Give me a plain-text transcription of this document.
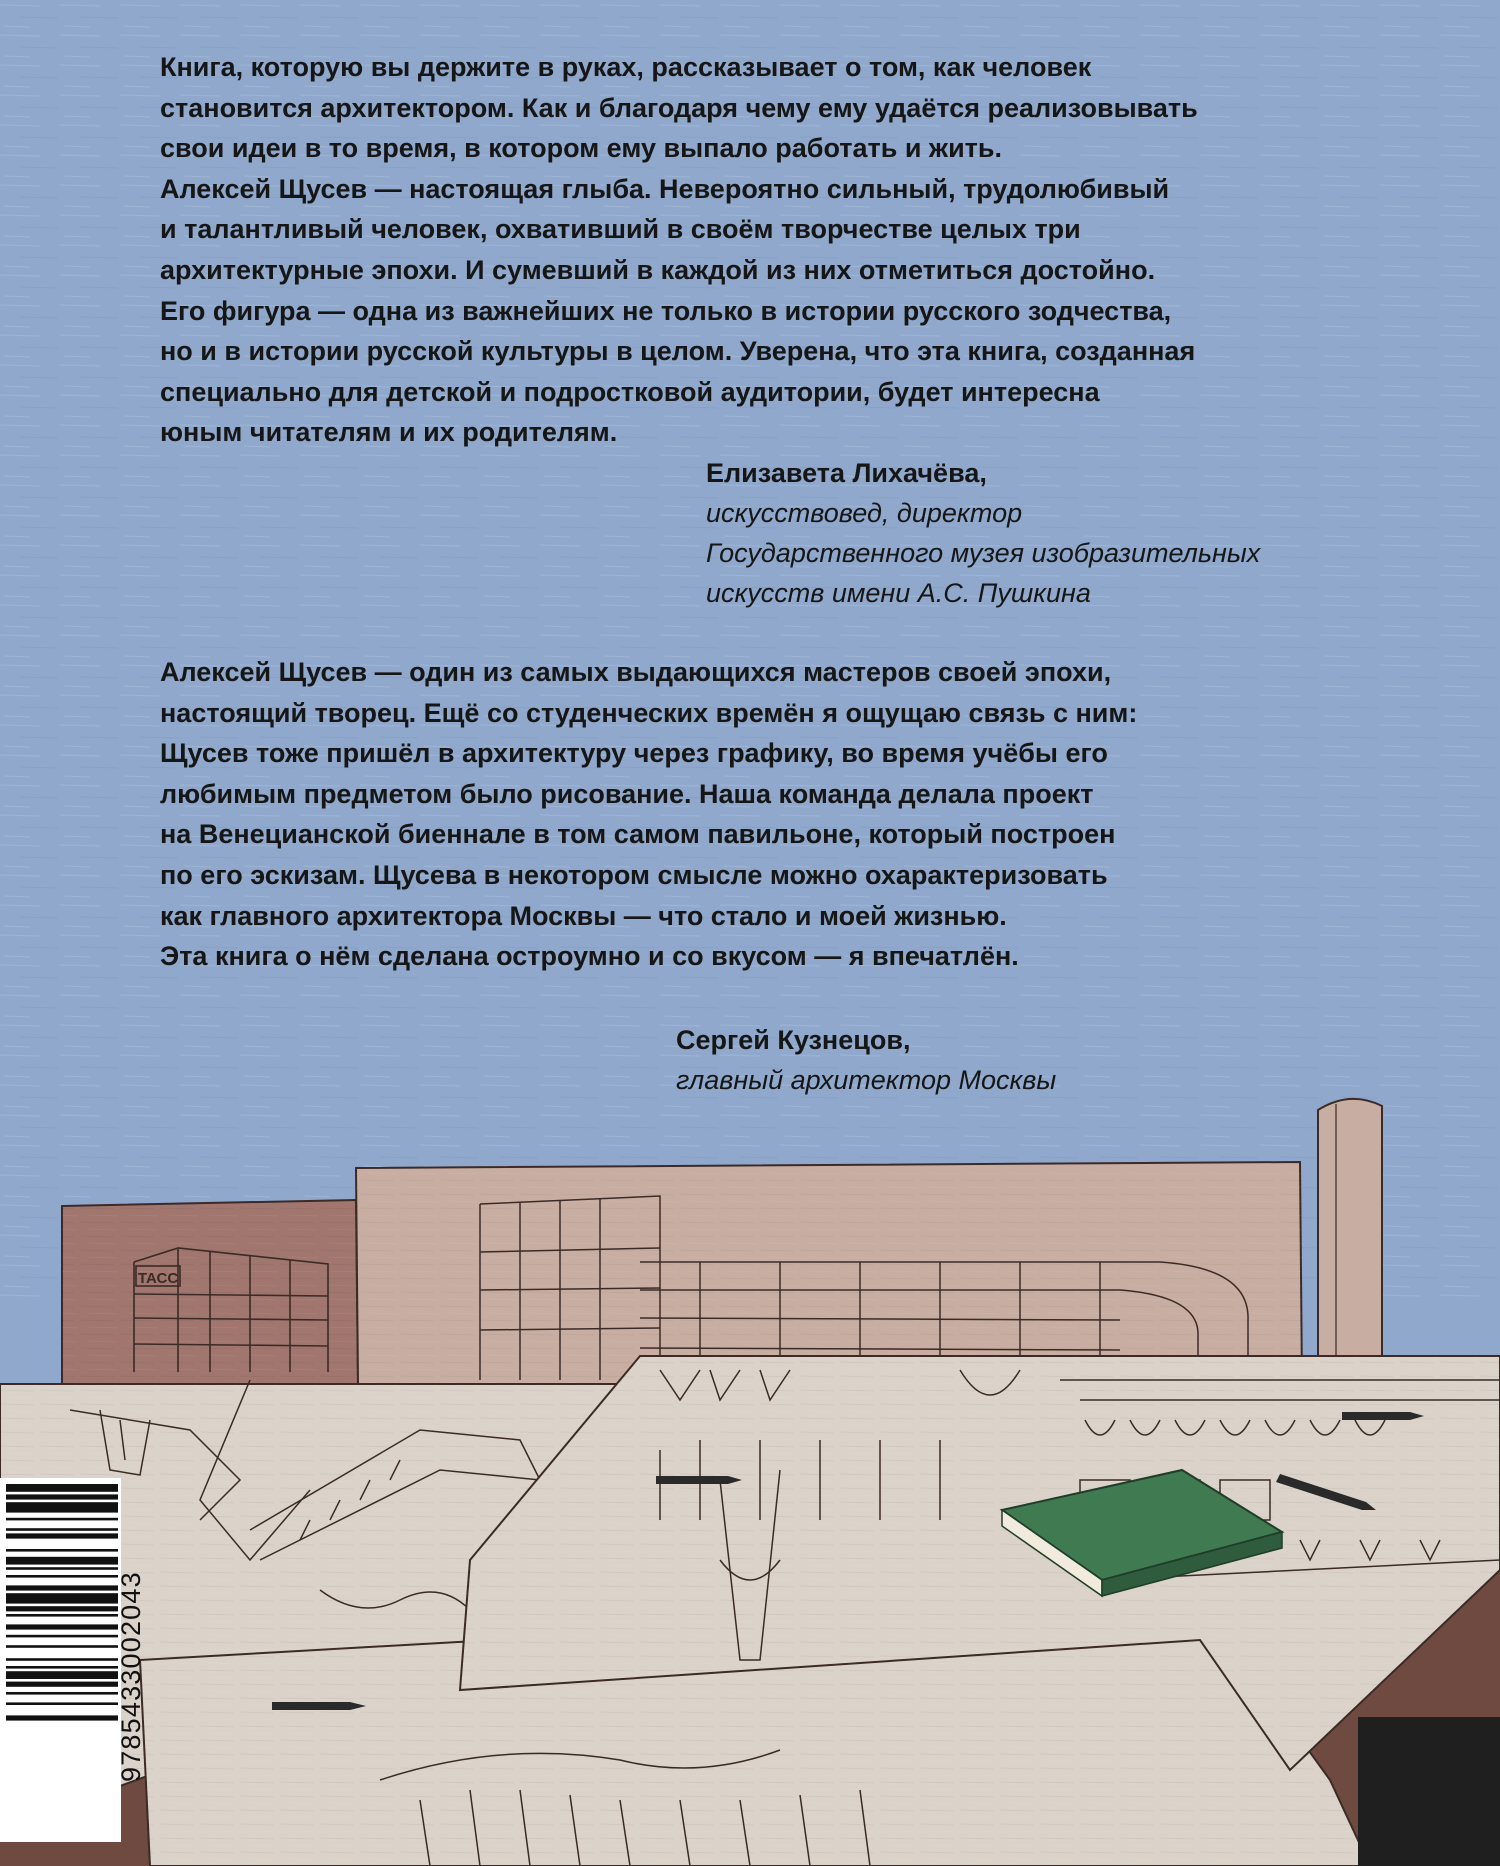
ТАСС

Книга, которую вы держите в руках, рассказывает о том, как человек
становится архитектором. Как и благодаря чему ему удаётся реализовывать
свои идеи в то время, в котором ему выпало работать и жить.
Алексей Щусев — настоящая глыба. Невероятно сильный, трудолюбивый
и талантливый человек, охвативший в своём творчестве целых три
архитектурные эпохи. И сумевший в каждой из них отметиться достойно.
Его фигура — одна из важнейших не только в истории русского зодчества,
но и в истории русской культуры в целом. Уверена, что эта книга, созданная
специально для детской и подростковой аудитории, будет интересна
юным читателям и их родителям.

Елизавета Лихачёва,
искусствовед, директор
Государственного музея изобразительных
искусств имени А.С. Пушкина

Алексей Щусев — один из самых выдающихся мастеров своей эпохи,
настоящий творец. Ещё со студенческих времён я ощущаю связь с ним:
Щусев тоже пришёл в архитектуру через графику, во время учёбы его
любимым предметом было рисование. Наша команда делала проект
на Венецианской биеннале в том самом павильоне, который построен
по его эскизам. Щусева в некотором смысле можно охарактеризовать
как главного архитектора Москвы — что стало и моей жизнью.
Эта книга о нём сделана остроумно и со вкусом — я впечатлён.

Сергей Кузнецов,
главный архитектор Москвы
9785433002043
